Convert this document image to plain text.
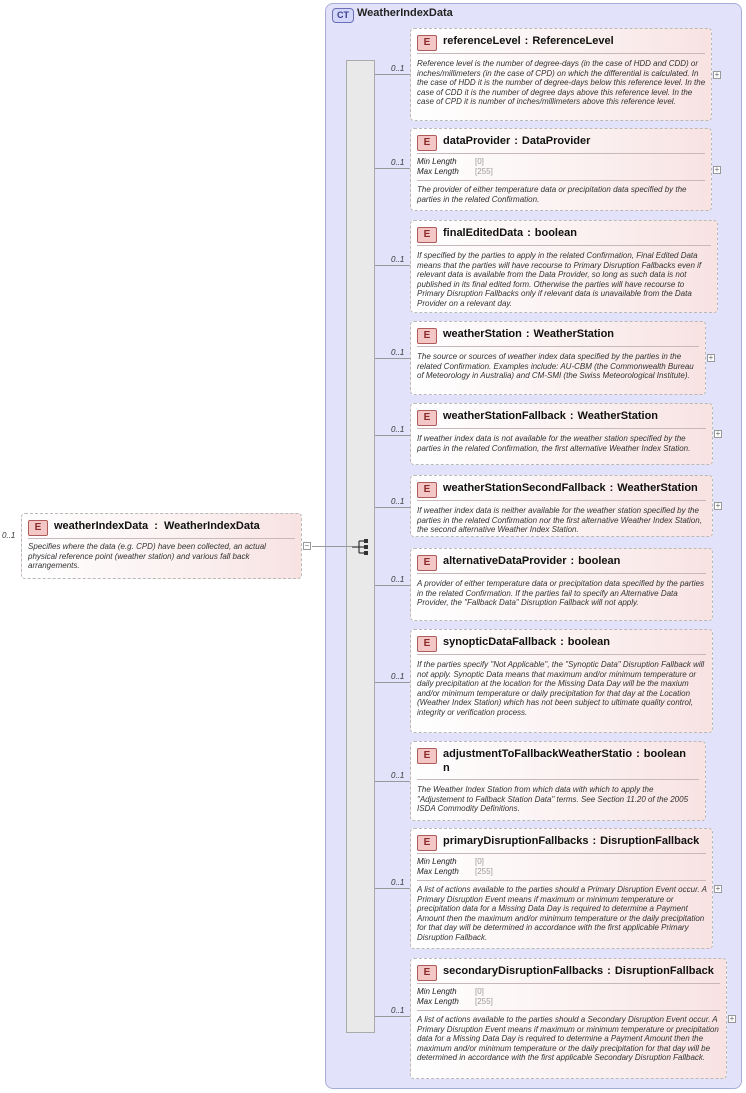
CT WeatherIndexData
0..1
E	weatherIndexData : WeatherIndexData
Specifies where the data (e.g. CPD) have been collected, an actual physical reference point (weather station) and various fall back arrangements.
−
0..1
E	referenceLevel : ReferenceLevel
Reference level is the number of degree-days (in the case of HDD and CDD) or inches/millimeters (in the case of CPD) on which the differential is calculated. In the case of HDD it is the number of degree-days below this reference level. In the case of CDD it is the number of degree days above this reference level. In the case of CPD it is number of inches/millimeters above this reference level.
+
0..1
E	dataProvider : DataProvider
Min Length [0]
Max Length [255]
The provider of either temperature data or precipitation data specified by the parties in the related Confirmation.
+
0..1
E	finalEditedData : boolean
If specified by the parties to apply in the related Confirmation, Final Edited Data means that the parties will have recourse to Primary Disruption Fallbacks even if relevant data is available from the Data Provider, so long as such data is not published in its final edited form. Otherwise the parties will have recourse to Primary Disruption Fallbacks only if relevant data is unavailable from the Data Provider on a relevant day.
0..1
E	weatherStation : WeatherStation
The source or sources of weather index data specified by the parties in the related Confirmation. Examples include: AU-CBM (the Commonwealth Bureau of Meteorology in Australia) and CM-SMI (the Swiss Meteorological Institute).
+
0..1
E	weatherStationFallback : WeatherStation
If weather index data is not available for the weather station specified by the parties in the related Confirmation, the first alternative Weather Index Station.
+
0..1
E	weatherStationSecondFallback : WeatherStation
If weather index data is neither available for the weather station specified by the parties in the related Confirmation nor the first alternative Weather Index Station, the second alternative Weather Index Station.
+
0..1
E	alternativeDataProvider : boolean
A provider of either temperature data or precipitation data specified by the parties in the related Confirmation. If the parties fail to specify an Alternative Data Provider, the "Fallback Data" Disruption Fallback will not apply.
0..1
E	synopticDataFallback : boolean
If the parties specify "Not Applicable", the "Synoptic Data" Disruption Fallback will not apply. Synoptic Data means that maximum and/or minimum temperature or daily precipitation at the location for the Missing Data Day will be the maxium and/or minimum temperature or daily precipitation for that day at the Location (Weather Index Station) which has not been subject to ultimate quality control, integrity or verification process.
0..1
E	adjustmentToFallbackWeatherStatio : boolean
n
The Weather Index Station from which data with which to apply the "Adjustement to Fallback Station Data" terms. See Section 11.20 of the 2005 ISDA Commodity Definitions.
0..1
E	primaryDisruptionFallbacks : DisruptionFallback
Min Length [0]
Max Length [255]
A list of actions available to the parties should a Primary Disruption Event occur. A Primary Disruption Event means if maximum or minimum temperature or precipitation data for a Missing Data Day is required to determine a Payment Amount then the maximum and/or minimum temperature or the daily precipitation for that day will be determined in accordance with the first applicable Primary Disruption Fallback.
+
0..1
E	secondaryDisruptionFallbacks : DisruptionFallback
Min Length [0]
Max Length [255]
A list of actions available to the parties should a Secondary Disruption Event occur. A Primary Disruption Event means if maximum or minimum temperature or precipitation data for a Missing Data Day is required to determine a Payment Amount then the maximum and/or minimum temperature or the daily precipitation for that day will be determined in accordance with the first applicable Secondary Disruption Fallback.
+
